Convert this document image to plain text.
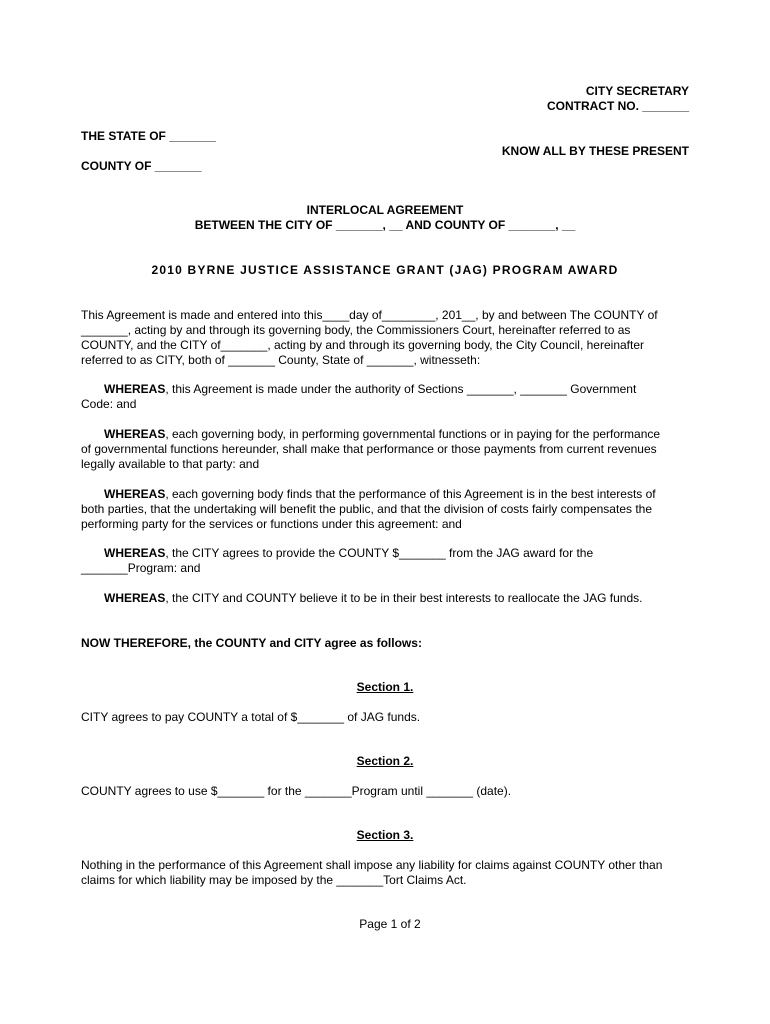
CITY SECRETARY
CONTRACT NO. _______
THE STATE OF _______
KNOW ALL BY THESE PRESENT
COUNTY OF _______
INTERLOCAL AGREEMENT
BETWEEN THE CITY OF _______, __ AND COUNTY OF _______, __
2010 BYRNE JUSTICE ASSISTANCE GRANT (JAG) PROGRAM AWARD
This Agreement is made and entered into this____day of________, 201__, by and between The COUNTY of
_______, acting by and through its governing body, the Commissioners Court, hereinafter referred to as
COUNTY, and the CITY of_______, acting by and through its governing body, the City Council, hereinafter
referred to as CITY, both of _______ County, State of _______, witnesseth:
WHEREAS, this Agreement is made under the authority of Sections _______, _______ Government
Code: and
WHEREAS, each governing body, in performing governmental functions or in paying for the performance
of governmental functions hereunder, shall make that performance or those payments from current revenues
legally available to that party: and
WHEREAS, each governing body finds that the performance of this Agreement is in the best interests of
both parties, that the undertaking will benefit the public, and that the division of costs fairly compensates the
performing party for the services or functions under this agreement: and
WHEREAS, the CITY agrees to provide the COUNTY $_______ from the JAG award for the
_______Program: and
WHEREAS, the CITY and COUNTY believe it to be in their best interests to reallocate the JAG funds.
NOW THEREFORE, the COUNTY and CITY agree as follows:
Section 1.
CITY agrees to pay COUNTY a total of $_______ of JAG funds.
Section 2.
COUNTY agrees to use $_______ for the _______Program until _______ (date).
Section 3.
Nothing in the performance of this Agreement shall impose any liability for claims against COUNTY other than
claims for which liability may be imposed by the _______Tort Claims Act.
Page 1 of 2
